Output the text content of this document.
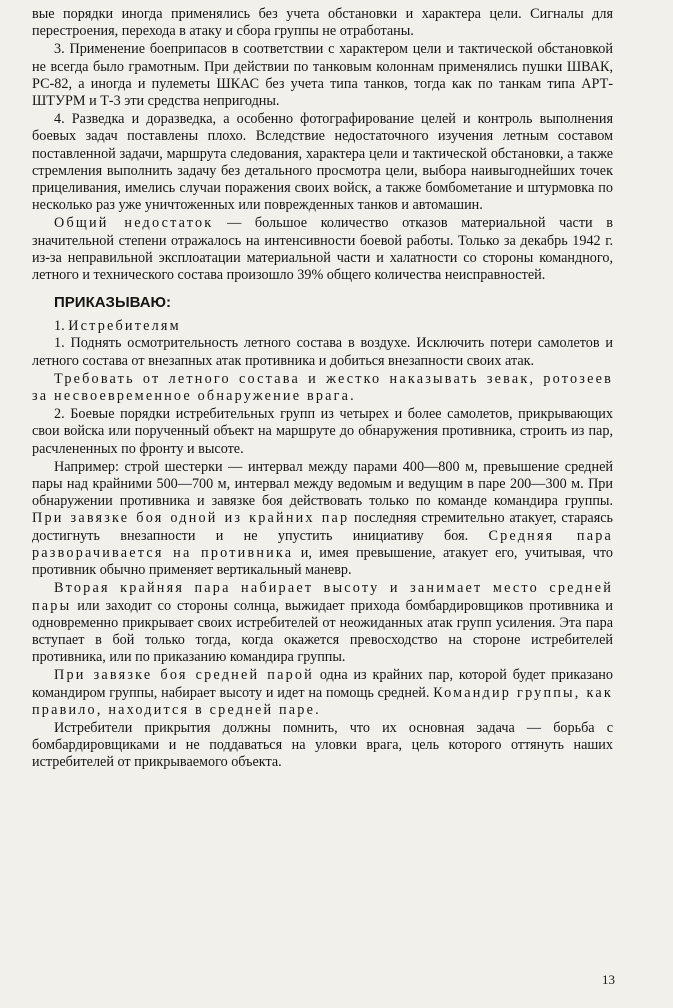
вые порядки иногда применялись без учета обстановки и характера цели. Сигналы для перестроения, перехода в атаку и сбора группы не отработаны.

3. Применение боеприпасов в соответствии с характером цели и тактической обстановкой не всегда было грамотным. При действии по танковым колоннам применялись пушки ШВАК, РС-82, а иногда и пулеметы ШКАС без учета типа танков, тогда как по танкам типа АРТ-ШТУРМ и Т-3 эти средства непригодны.

4. Разведка и доразведка, а особенно фотографирование целей и контроль выполнения боевых задач поставлены плохо. Вследствие недостаточного изучения летным составом поставленной задачи, маршрута следования, характера цели и тактической обстановки, а также стремления выполнить задачу без детального просмотра цели, выбора наивыгоднейших точек прицеливания, имелись случаи поражения своих войск, а также бомбометание и штурмовка по несколько раз уже уничтоженных или поврежденных танков и автомашин.

Общий недостаток — большое количество отказов материальной части в значительной степени отражалось на интенсивности боевой работы. Только за декабрь 1942 г. из-за неправильной эксплоатации материальной части и халатности со стороны командного, летного и технического состава произошло 39% общего количества неисправностей.

ПРИКАЗЫВАЮ:

1. Истребителям

1. Поднять осмотрительность летного состава в воздухе. Исключить потери самолетов и летного состава от внезапных атак противника и добиться внезапности своих атак.

Требовать от летного состава и жестко наказывать зевак, ротозеев за несвоевременное обнаружение врага.

2. Боевые порядки истребительных групп из четырех и более самолетов, прикрывающих свои войска или порученный объект на маршруте до обнаружения противника, строить из пар, расчлененных по фронту и высоте.

Например: строй шестерки — интервал между парами 400—800 м, превышение средней пары над крайними 500—700 м, интервал между ведомым и ведущим в паре 200—300 м. При обнаружении противника и завязке боя действовать только по команде командира группы. При завязке боя одной из крайних пар последняя стремительно атакует, стараясь достигнуть внезапности и не упустить инициативу боя. Средняя пара разворачивается на противника и, имея превышение, атакует его, учитывая, что противник обычно применяет вертикальный маневр.

Вторая крайняя пара набирает высоту и занимает место средней пары или заходит со стороны солнца, выжидает прихода бомбардировщиков противника и одновременно прикрывает своих истребителей от неожиданных атак групп усиления. Эта пара вступает в бой только тогда, когда окажется превосходство на стороне истребителей противника, или по приказанию командира группы.

При завязке боя средней парой одна из крайних пар, которой будет приказано командиром группы, набирает высоту и идет на помощь средней. Командир группы, как правило, находится в средней паре.

Истребители прикрытия должны помнить, что их основная задача — борьба с бомбардировщиками и не поддаваться на уловки врага, цель которого оттянуть наших истребителей от прикрываемого объекта.

13
